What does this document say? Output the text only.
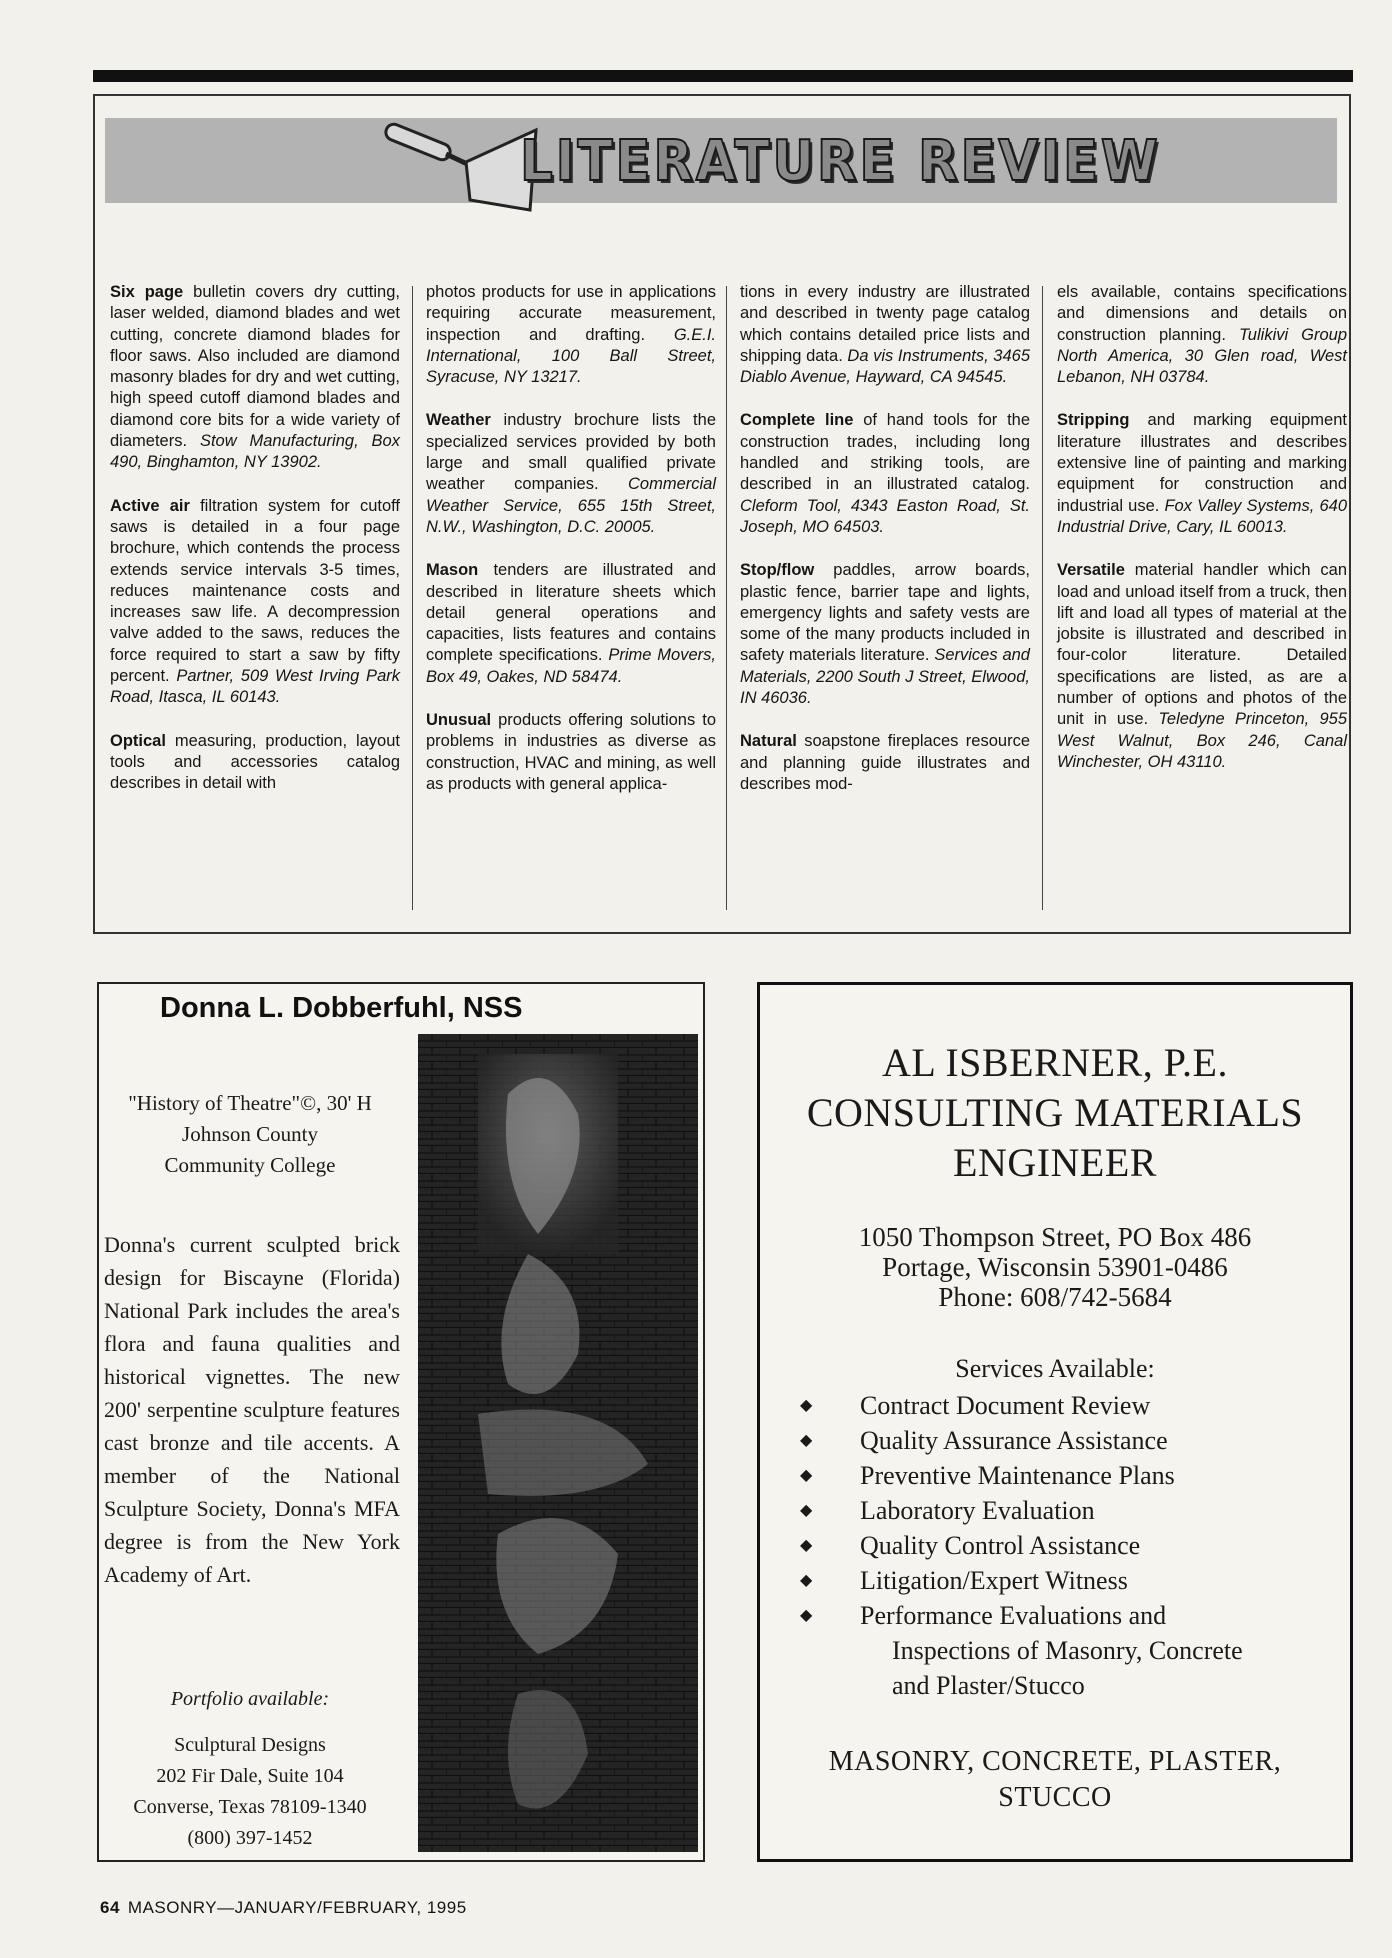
LITERATURE REVIEW

Six page bulletin covers dry cutting, laser welded, diamond blades and wet cutting, concrete diamond blades for floor saws. Also included are diamond masonry blades for dry and wet cutting, high speed cutoff diamond blades and diamond core bits for a wide variety of diameters. Stow Manufacturing, Box 490, Binghamton, NY 13902.

Active air filtration system for cutoff saws is detailed in a four page brochure, which contends the process extends service intervals 3-5 times, reduces maintenance costs and increases saw life. A decompression valve added to the saws, reduces the force required to start a saw by fifty percent. Partner, 509 West Irving Park Road, Itasca, IL 60143.

Optical measuring, production, layout tools and accessories catalog describes in detail with

photos products for use in applications requiring accurate measurement, inspection and drafting. G.E.I. International, 100 Ball Street, Syracuse, NY 13217.

Weather industry brochure lists the specialized services provided by both large and small qualified private weather companies. Commercial Weather Service, 655 15th Street, N.W., Washington, D.C. 20005.

Mason tenders are illustrated and described in literature sheets which detail general operations and capacities, lists features and contains complete specifications. Prime Movers, Box 49, Oakes, ND 58474.

Unusual products offering solutions to problems in industries as diverse as construction, HVAC and mining, as well as products with general applica-

tions in every industry are illustrated and described in twenty page catalog which contains detailed price lists and shipping data. Da vis Instruments, 3465 Diablo Avenue, Hayward, CA 94545.

Complete line of hand tools for the construction trades, including long handled and striking tools, are described in an illustrated catalog. Cleform Tool, 4343 Easton Road, St. Joseph, MO 64503.

Stop/flow paddles, arrow boards, plastic fence, barrier tape and lights, emergency lights and safety vests are some of the many products included in safety materials literature. Services and Materials, 2200 South J Street, Elwood, IN 46036.

Natural soapstone fireplaces resource and planning guide illustrates and describes mod-

els available, contains specifications and dimensions and details on construction planning. Tulikivi Group North America, 30 Glen road, West Lebanon, NH 03784.

Stripping and marking equipment literature illustrates and describes extensive line of painting and marking equipment for construction and industrial use. Fox Valley Systems, 640 Industrial Drive, Cary, IL 60013.

Versatile material handler which can load and unload itself from a truck, then lift and load all types of material at the jobsite is illustrated and described in four-color literature. Detailed specifications are listed, as are a number of options and photos of the unit in use. Teledyne Princeton, 955 West Walnut, Box 246, Canal Winchester, OH 43110.

Donna L. Dobberfuhl, NSS
"History of Theatre"©, 30' H
Johnson County
Community College
Donna's current sculpted brick design for Biscayne (Florida) National Park includes the area's flora and fauna qualities and historical vignettes. The new 200' serpentine sculpture features cast bronze and tile accents. A member of the National Sculpture Society, Donna's MFA degree is from the New York Academy of Art.
Portfolio available:
Sculptural Designs
202 Fir Dale, Suite 104
Converse, Texas 78109-1340
(800) 397-1452
AL ISBERNER, P.E.
CONSULTING MATERIALS
ENGINEER
1050 Thompson Street, PO Box 486
Portage, Wisconsin 53901-0486
Phone: 608/742-5684
Services Available:
◆ Contract Document Review
◆ Quality Assurance Assistance
◆ Preventive Maintenance Plans
◆ Laboratory Evaluation
◆ Quality Control Assistance
◆ Litigation/Expert Witness
◆ Performance Evaluations and
Inspections of Masonry, Concrete
and Plaster/Stucco
MASONRY, CONCRETE, PLASTER,
STUCCO
64 MASONRY—JANUARY/FEBRUARY, 1995
